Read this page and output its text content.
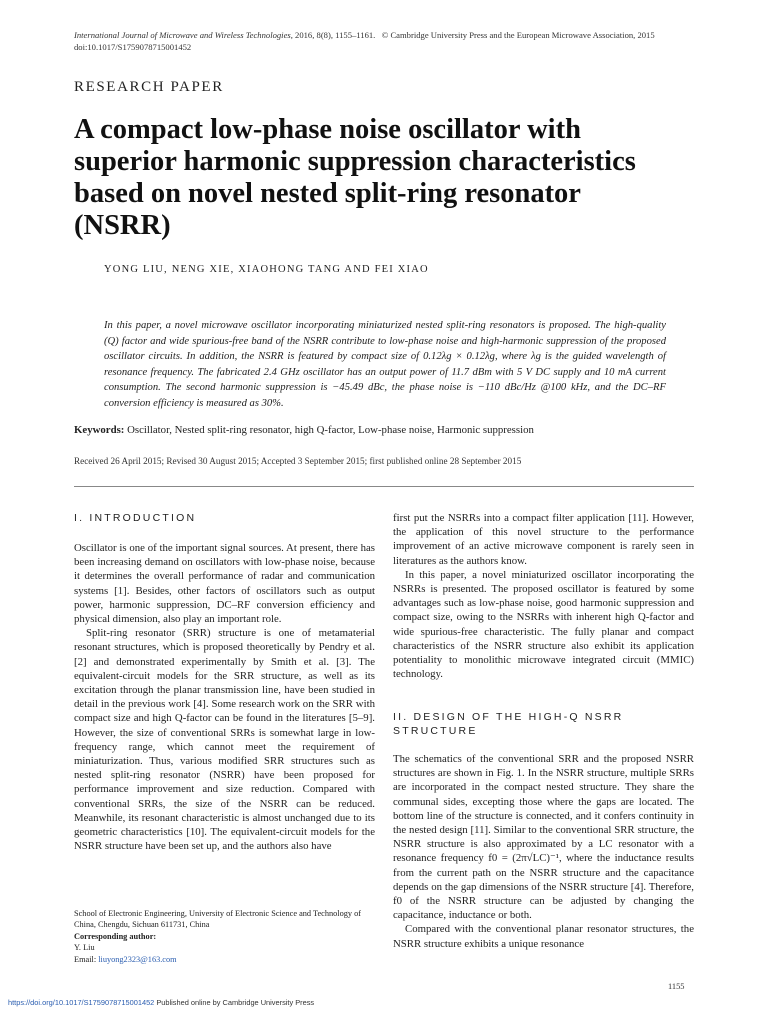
International Journal of Microwave and Wireless Technologies, 2016, 8(8), 1155–1161. © Cambridge University Press and the European Microwave Association, 2015
doi:10.1017/S1759078715001452
RESEARCH PAPER
A compact low-phase noise oscillator with superior harmonic suppression characteristics based on novel nested split-ring resonator (NSRR)
YONG LIU, NENG XIE, XIAOHONG TANG AND FEI XIAO

In this paper, a novel microwave oscillator incorporating miniaturized nested split-ring resonators is proposed. The high-quality (Q) factor and wide spurious-free band of the NSRR contribute to low-phase noise and high-harmonic suppression of the proposed oscillator circuits. In addition, the NSRR is featured by compact size of 0.12λg × 0.12λg, where λg is the guided wavelength of resonance frequency. The fabricated 2.4 GHz oscillator has an output power of 11.7 dBm with 5 V DC supply and 10 mA current consumption. The second harmonic suppression is −45.49 dBc, the phase noise is −110 dBc/Hz @100 kHz, and the DC–RF conversion efficiency is measured as 30%.

Keywords: Oscillator, Nested split-ring resonator, high Q-factor, Low-phase noise, Harmonic suppression
Received 26 April 2015; Revised 30 August 2015; Accepted 3 September 2015; first published online 28 September 2015
I. INTRODUCTION

Oscillator is one of the important signal sources. At present, there has been increasing demand on oscillators with low-phase noise, because it determines the overall performance of radar and communication systems [1]. Besides, other factors of oscillators such as output power, harmonic suppression, DC–RF conversion efficiency and physical dimension, also play an important role.

Split-ring resonator (SRR) structure is one of metamaterial resonant structures, which is proposed theoretically by Pendry et al. [2] and demonstrated experimentally by Smith et al. [3]. The equivalent-circuit models for the SRR structure, as well as its excitation through the planar transmission line, have been studied in detail in the previous work [4]. Some research work on the SRR with compact size and high Q-factor can be found in the literatures [5–9]. However, the size of conventional SRRs is somewhat large in low-frequency range, which cannot meet the requirement of miniaturization. Thus, various modified SRR structures such as nested split-ring resonator (NSRR) have been proposed for performance improvement and size reduction. Compared with conventional SRRs, the size of the NSRR can be reduced. Meanwhile, its resonant characteristic is almost unchanged due to its geometric characteristics [10]. The equivalent-circuit models for the NSRR structure have been set up, and the authors also have

first put the NSRRs into a compact filter application [11]. However, the application of this novel structure to the performance improvement of an active microwave component is rarely seen in literatures as the authors know.

In this paper, a novel miniaturized oscillator incorporating the NSRRs is presented. The proposed oscillator is featured by some advantages such as low-phase noise, good harmonic suppression and compact size, owing to the NSRRs with inherent high Q-factor and wide spurious-free characteristic. The fully planar and compact characteristics of the NSRR structure also exhibit its application potentiality to monolithic microwave integrated circuit (MMIC) technology.

II. DESIGN OF THE HIGH-Q NSRR STRUCTURE

The schematics of the conventional SRR and the proposed NSRR structures are shown in Fig. 1. In the NSRR structure, multiple SRRs are incorporated in the compact nested structure. They share the communal sides, excepting those where the gaps are located. The bottom line of the structure is connected, and it confers continuity in the nested design [11]. Similar to the conventional SRR structure, the NSRR structure is also approximated by a LC resonator with a resonance frequency f0 = (2π√LC)⁻¹, where the inductance results from the current path on the NSRR structure and the capacitance depends on the gap dimensions of the NSRR structure [4]. Therefore, f0 of the NSRR structure can be adjusted by changing the capacitance, inductance or both.

Compared with the conventional planar resonator structures, the NSRR structure exhibits a unique resonance

School of Electronic Engineering, University of Electronic Science and Technology of China, Chengdu, Sichuan 611731, China
Corresponding author:
Y. Liu
Email: liuyong2323@163.com
1155
https://doi.org/10.1017/S1759078715001452 Published online by Cambridge University Press
